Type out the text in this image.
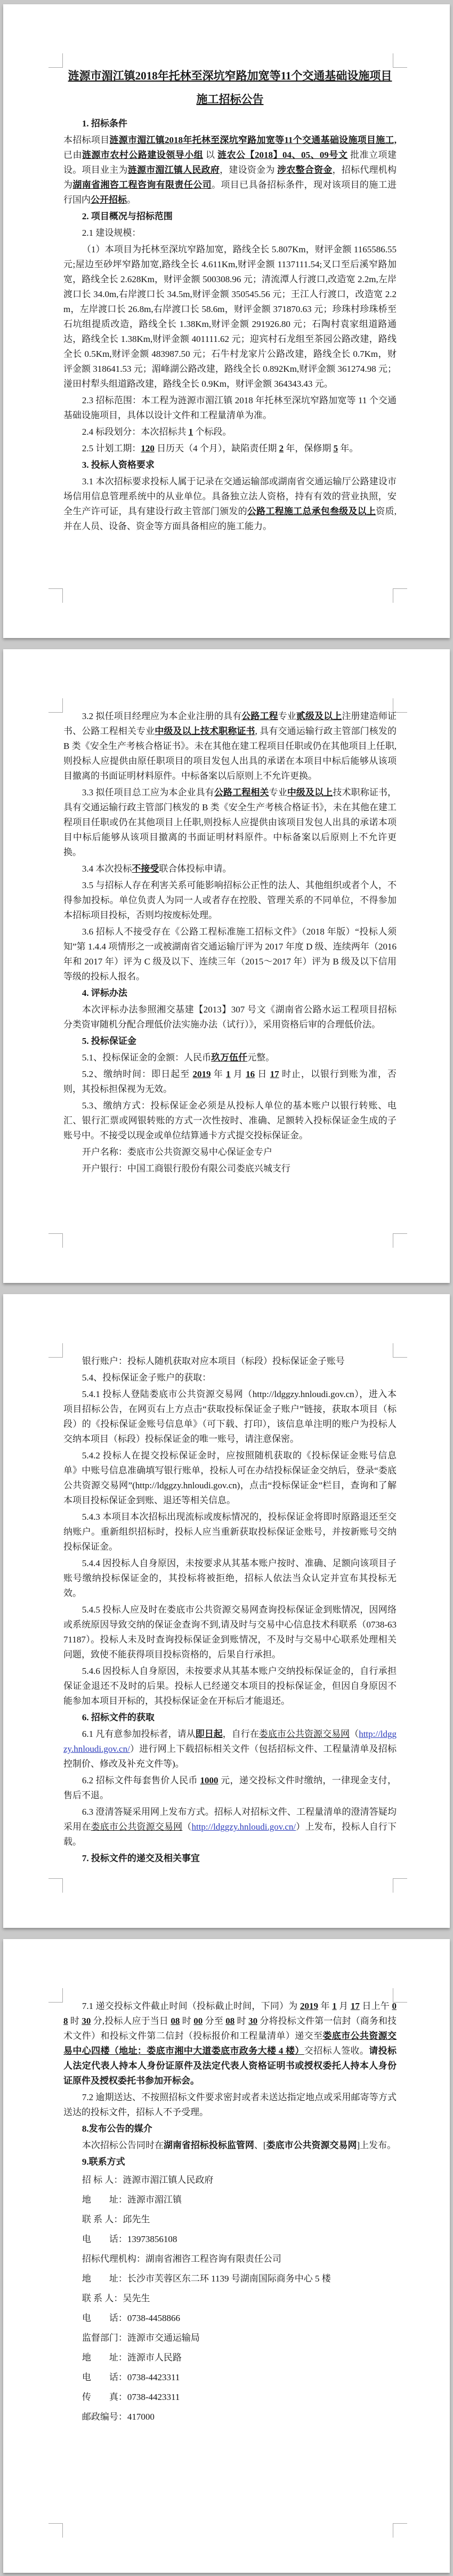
涟源市湄江镇2018年托林至深坑窄路加宽等11个交通基础设施项目施工招标公告
1. 招标条件
本招标项目涟源市湄江镇2018年托林至深坑窄路加宽等11个交通基础设施项目施工,已由涟源市农村公路建设领导小组 以 涟农公【2018】04、05、09号文 批准立项建设。项目业主为涟源市湄江镇人民政府，建设资金为 涉农整合资金，招标代理机构为湖南省湘咨工程咨询有限责任公司。项目已具备招标条件，现对该项目的施工进行国内公开招标。
2. 项目概况与招标范围
2.1 建设规模：
（1）本项目为托林至深坑窄路加宽，路线全长 5.807Km，财评金额 1165586.55 元;屋边至砂坪窄路加宽,路线全长 4.611Km,财评金额 1137111.54;叉口至后溪窄路加宽，路线全长 2.628Km，财评金额 500308.96 元；清流潭人行渡口,改造宽 2.2m,左岸渡口长 34.0m,右岸渡口长 34.5m,财评金额 350545.56 元；王江人行渡口，改造宽 2.2m，左岸渡口长 26.8m,右岸渡口长 58.6m，财评金额 371870.63 元；珍珠村珍珠桥至石坑组提质改造，路线全长 1.38Km,财评金额 291926.80 元；石陶村袁家组道路通达，路线全长 1.38Km,财评金额 401111.62 元；迎宾村石龙组至茶园公路改建，路线全长 0.5Km,财评金额 483987.50 元；石牛村龙家片公路改建，路线全长 0.7Km，财评金额 318641.53 元；湄峰湖公路改建，路线全长 0.892Km,财评金额 361274.98 元；湴田村犁头组道路改建，路线全长 0.9Km，财评金额 364343.43 元。
2.3 招标范围：本工程为涟源市湄江镇 2018 年托林至深坑窄路加宽等 11 个交通基础设施项目，具体以设计文件和工程量清单为准。
2.4 标段划分：本次招标共 1 个标段。
2.5 计划工期：120 日历天（4 个月），缺陷责任期 2 年，保修期 5 年。
3. 投标人资格要求
3.1 本次招标要求投标人属于记录在交通运输部或湖南省交通运输厅公路建设市场信用信息管理系统中的从业单位。具备独立法人资格，持有有效的营业执照，安全生产许可证，具有建设行政主管部门颁发的公路工程施工总承包叁级及以上资质,并在人员、设备、资金等方面具备相应的施工能力。
3.2 拟任项目经理应为本企业注册的具有公路工程专业贰级及以上注册建造师证书、公路工程相关专业中级及以上技术职称证书, 具有交通运输行政主管部门核发的 B 类《安全生产考核合格证书》。未在其他在建工程项目任职或仍在其他项目上任职,则投标人应提供由原任职项目的项目发包人出具的承诺在本项目中标后能够从该项目撤离的书面证明材料原件。中标备案以后原则上不允许更换。
3.3 拟任项目总工应为本企业具有公路工程相关专业中级及以上技术职称证书，具有交通运输行政主管部门核发的 B 类《安全生产考核合格证书》，未在其他在建工程项目任职或仍在其他项目上任职,则投标人应提供由该项目发包人出具的承诺本项目中标后能够从该项目撤离的书面证明材料原件。中标备案以后原则上不允许更换。
3.4 本次投标不接受联合体投标申请。
3.5 与招标人存在利害关系可能影响招标公正性的法人、其他组织或者个人，不得参加投标。单位负责人为同一人或者存在控股、管理关系的不同单位，不得参加本招标项目投标，否则均按废标处理。
3.6 招标人不接受存在《公路工程标准施工招标文件》（2018 年版）“投标人须知”第 1.4.4 项情形之一或被湖南省交通运输厅评为 2017 年度 D 级、连续两年（2016 年和 2017 年）评为 C 级及以下、连续三年（2015～2017 年）评为 B 级及以下信用等级的投标人报名。
4. 评标办法
本次评标办法参照湘交基建【2013】307 号文《湖南省公路水运工程项目招标分类资审随机分配合理低价法实施办法（试行）》，采用资格后审的合理低价法。
5. 投标保证金
5.1、投标保证金的金额：人民币玖万伍仟元整。
5.2、缴纳时间：即日起至 2019 年 1 月 16 日 17 时止，以银行到账为准，否则，其投标担保视为无效。
5.3、缴纳方式：投标保证金必须是从投标人单位的基本账户以银行转账、电汇、银行汇票或网银转账的方式一次性按时、准确、足额转入投标保证金生成的子账号中。不接受以现金或单位结算通卡方式提交投标保证金。
开户名称：娄底市公共资源交易中心保证金专户
开户银行：中国工商银行股份有限公司娄底兴城支行
银行账户：投标人随机获取对应本项目（标段）投标保证金子账号
5.4、投标保证金子账户的获取：
5.4.1 投标人登陆娄底市公共资源交易网（http://ldggzy.hnloudi.gov.cn），进入本项目招标公告，在网页右上方点击“获取投标保证金子账户”链接，获取本项目（标段）的《投标保证金账号信息单》（可下载、打印），该信息单注明的账户为投标人交纳本项目（标段）投标保证金的唯一账号，请注意保密。
5.4.2 投标人在提交投标保证金时，应按照随机获取的《投标保证金账号信息单》中账号信息准确填写银行账单，投标人可在办结投标保证金交纳后，登录“娄底公共资源交易网”(http://ldggzy.hnloudi.gov.cn)，点击“投标保证金”栏目，查询和了解本项目投标保证金到账、退还等相关信息。
5.4.3 本项目本次招标出现流标或废标情况的，投标保证金将即时原路退还至交纳账户。重新组织招标时，投标人应当重新获取投标保证金账号，并按新账号交纳投标保证金。
5.4.4 因投标人自身原因，未按要求从其基本账户按时、准确、足额向该项目子账号缴纳投标保证金的，其投标将被拒绝，招标人依法当众认定并宣布其投标无效。
5.4.5 投标人应及时在娄底市公共资源交易网查询投标保证金到账情况，因网络或系统原因导致交纳的保证金查询不到,请及时与交易中心信息技术科联系（0738-6371187）。投标人未及时查询投标保证金到账情况，不及时与交易中心联系处理相关问题，致使不能获得项目投标资格的，后果自行承担。
5.4.6 因投标人自身原因，未按要求从其基本账户交纳投标保证金的，自行承担保证金退还不及时的后果。投标人已经递交本项目的投标保证金，但因自身原因不能参加本项目开标的，其投标保证金在开标后才能退还。
6. 招标文件的获取
6.1 凡有意参加投标者，请从即日起，自行在娄底市公共资源交易网（http://ldggzy.hnloudi.gov.cn/）进行网上下载招标相关文件（包括招标文件、工程量清单及招标控制价、修改及补充文件等)。
6.2 招标文件每套售价人民币 1000 元，递交投标文件时缴纳，一律现金支付，售后不退。
6.3 澄清答疑采用网上发布方式。招标人对招标文件、工程量清单的澄清答疑均采用在娄底市公共资源交易网（http://ldggzy.hnloudi.gov.cn/）上发布，投标人自行下载。
7. 投标文件的递交及相关事宜
7.1 递交投标文件截止时间（投标截止时间，下同）为 2019 年 1 月 17 日上午 08 时 30 分,投标人应于当日 08 时 00 分至 08 时 30 分将投标文件第一信封（商务和技术文件）和投标文件第二信封（投标报价和工程量清单）递交至娄底市公共资源交易中心四楼（地址：娄底市湘中大道娄底市政务大楼 4 楼）交招标人签收。请投标人法定代表人持本人身份证原件及法定代表人资格证明书或授权委托人持本人身份证原件及授权委托书参加开标会。
7.2 逾期送达、不按照招标文件要求密封或者未送达指定地点或采用邮寄等方式送达的投标文件，招标人不予受理。
8.发布公告的媒介
本次招标公告同时在湖南省招标投标监管网、[娄底市公共资源交易网]上发布。
9.联系方式
招 标 人：涟源市湄江镇人民政府
地　　址：涟源市湄江镇
联 系 人：邱先生
电　　话：13973856108
招标代理机构：湖南省湘咨工程咨询有限责任公司
地　　址：长沙市芙蓉区东二环 1139 号湖南国际商务中心 5 楼
联 系 人：吴先生
电　　话：0738-4458866
监督部门：涟源市交通运输局
地　　址：涟源市人民路
电　　话：0738-4423311
传　　真：0738-4423311
邮政编号：417000
